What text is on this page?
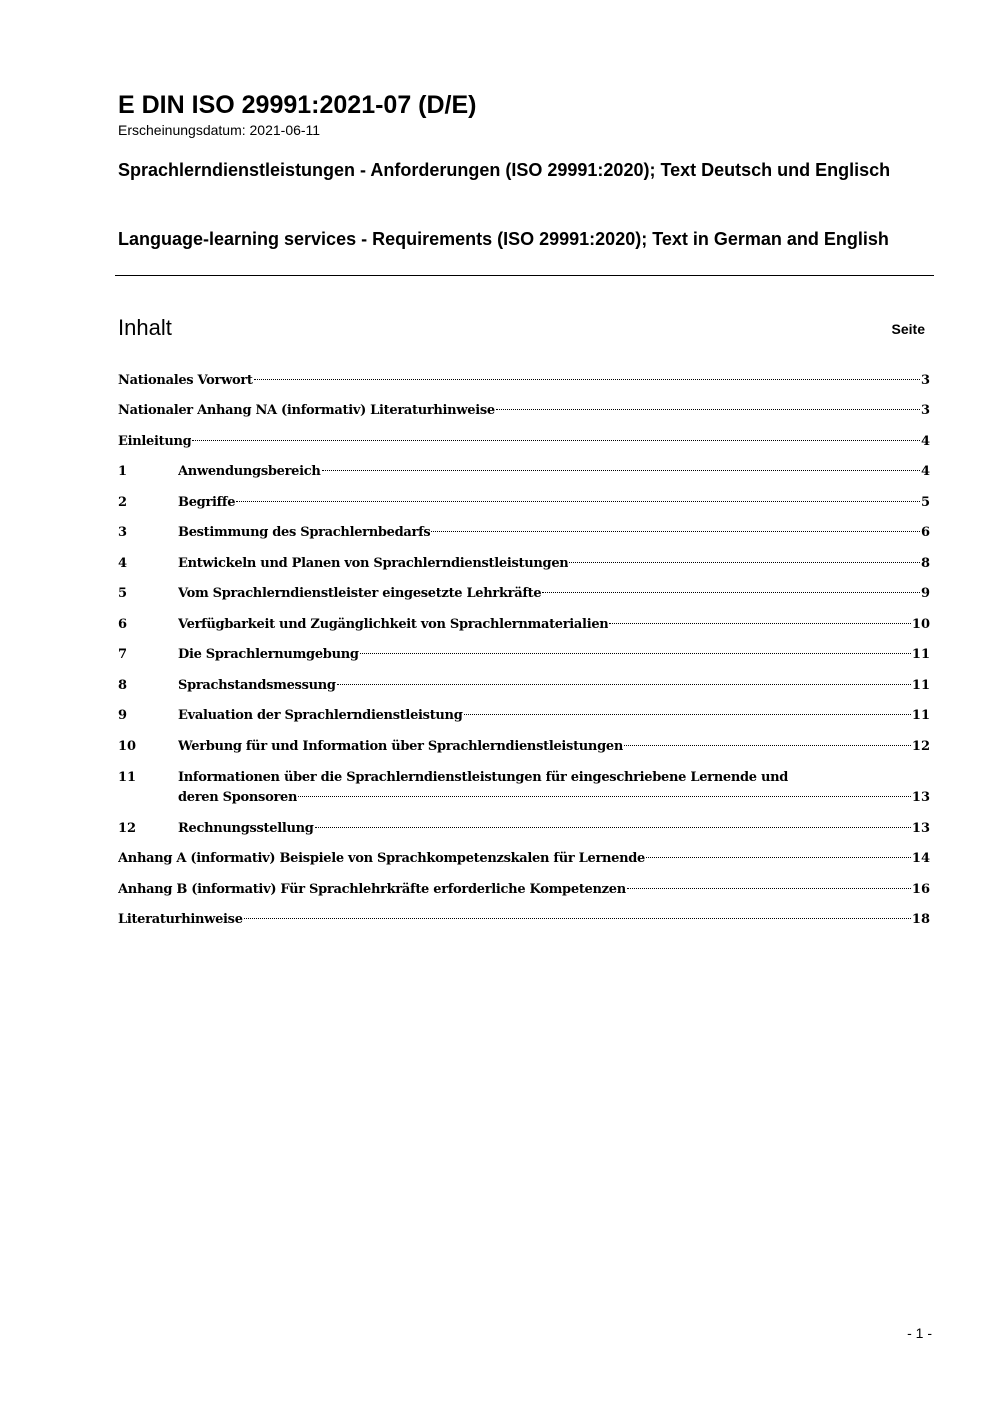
E DIN ISO 29991:2021-07 (D/E)
Erscheinungsdatum: 2021-06-11
Sprachlerndienstleistungen - Anforderungen (ISO 29991:2020); Text Deutsch und Englisch
Language-learning services - Requirements (ISO 29991:2020); Text in German and English
Inhalt	Seite
Nationales Vorwort	3
Nationaler Anhang NA (informativ) Literaturhinweise	3
Einleitung	4
1	Anwendungsbereich	4
2	Begriffe	5
3	Bestimmung des Sprachlernbedarfs	6
4	Entwickeln und Planen von Sprachlerndienstleistungen	8
5	Vom Sprachlerndienstleister eingesetzte Lehrkräfte	9
6	Verfügbarkeit und Zugänglichkeit von Sprachlernmaterialien	10
7	Die Sprachlernumgebung	11
8	Sprachstandsmessung	11
9	Evaluation der Sprachlerndienstleistung	11
10	Werbung für und Information über Sprachlerndienstleistungen	12
11	Informationen über die Sprachlerndienstleistungen für eingeschriebene Lernende und
deren Sponsoren	13
12	Rechnungsstellung	13
Anhang A (informativ) Beispiele von Sprachkompetenzskalen für Lernende	14
Anhang B (informativ) Für Sprachlehrkräfte erforderliche Kompetenzen	16
Literaturhinweise	18
- 1 -
